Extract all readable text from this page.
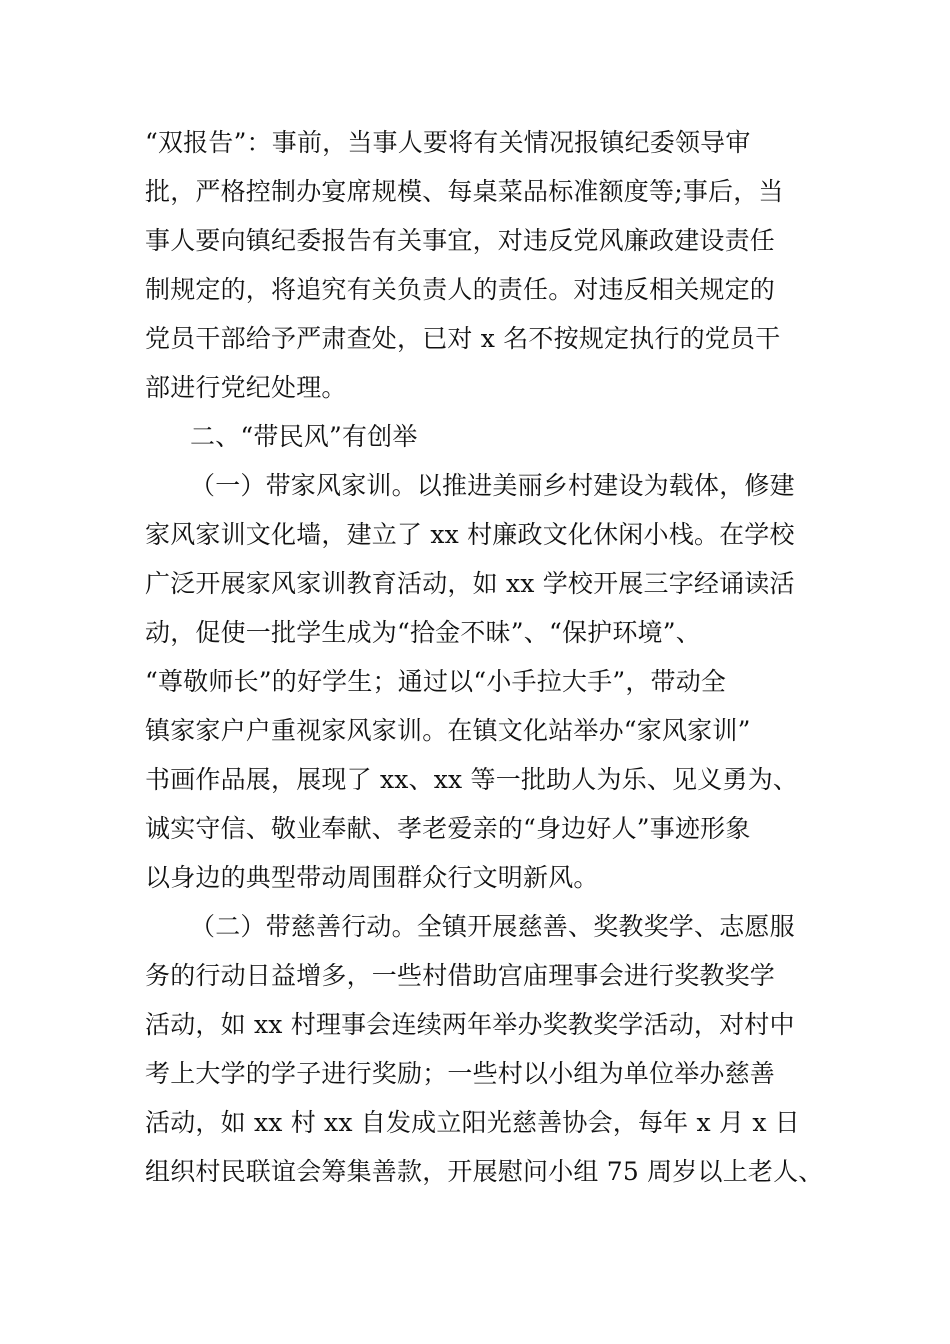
“双报告”：事前，当事人要将有关情况报镇纪委领导审
批，严格控制办宴席规模、每桌菜品标准额度等;事后，当
事人要向镇纪委报告有关事宜，对违反党风廉政建设责任
制规定的，将追究有关负责人的责任。对违反相关规定的
党员干部给予严肃查处，已对 x 名不按规定执行的党员干
部进行党纪处理。
二、“带民风”有创举
（一）带家风家训。以推进美丽乡村建设为载体，修建
家风家训文化墙，建立了 xx 村廉政文化休闲小栈。在学校
广泛开展家风家训教育活动，如 xx 学校开展三字经诵读活
动，促使一批学生成为“拾金不昧”、“保护环境”、
“尊敬师长”的好学生；通过以“小手拉大手”，带动全
镇家家户户重视家风家训。在镇文化站举办“家风家训”
书画作品展，展现了 xx、xx 等一批助人为乐、见义勇为、
诚实守信、敬业奉献、孝老爱亲的“身边好人”事迹形象
以身边的典型带动周围群众行文明新风。
（二）带慈善行动。全镇开展慈善、奖教奖学、志愿服
务的行动日益增多，一些村借助宫庙理事会进行奖教奖学
活动，如 xx 村理事会连续两年举办奖教奖学活动，对村中
考上大学的学子进行奖励；一些村以小组为单位举办慈善
活动，如 xx 村 xx 自发成立阳光慈善协会，每年 x 月 x 日
组织村民联谊会筹集善款，开展慰问小组 75 周岁以上老人、
